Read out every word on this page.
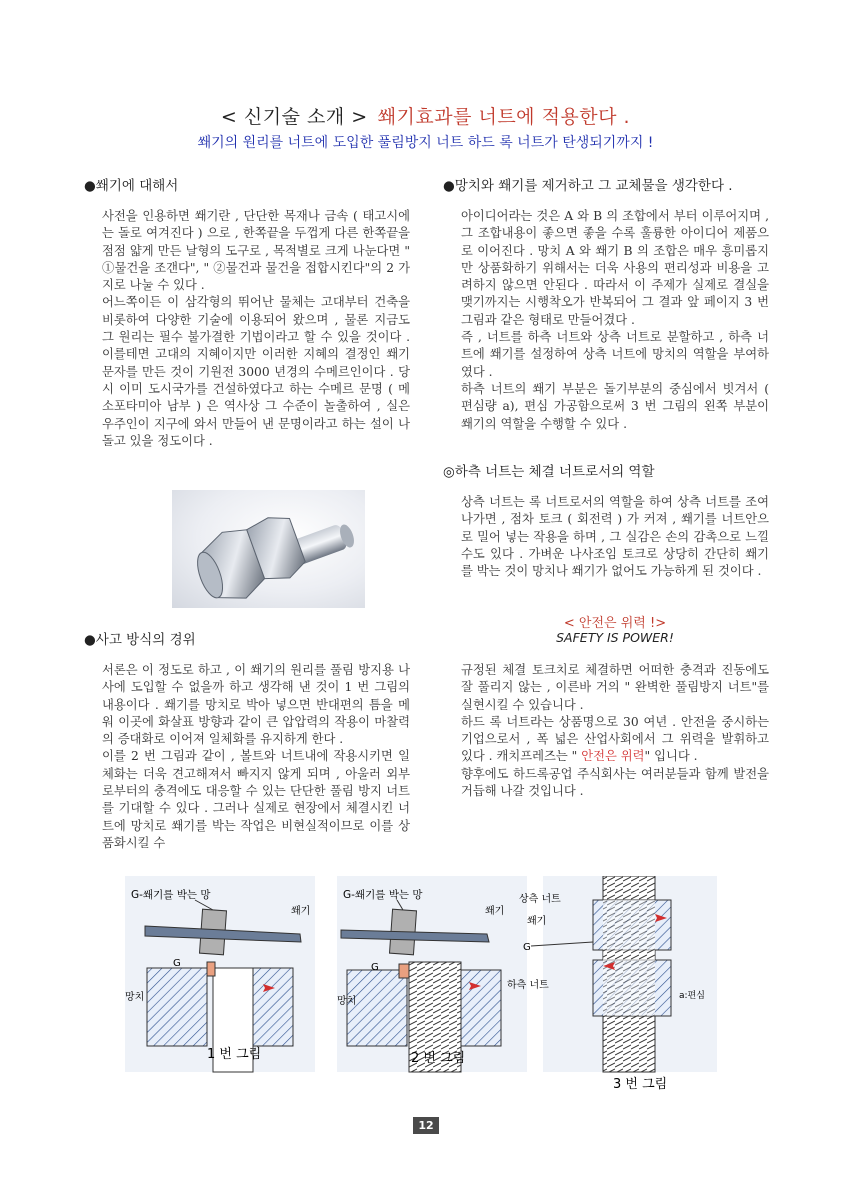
< 신기술 소개 > 쐐기효과를 너트에 적용한다 .
쐐기의 원리를 너트에 도입한 풀림방지 너트 하드 록 너트가 탄생되기까지 !
●쐐기에 대해서
사전을 인용하면 쐐기란 , 단단한 목재나 금속 ( 태고시에는 돌로 여겨진다 ) 으로 , 한쪽끝을 두껍게 다른 한쪽끝을 점점 얇게 만든 날형의 도구로 , 목적별로 크게 나눈다면 " ①물건을 조갠다", " ②물건과 물건을 접합시킨다"의 2 가지로 나눌 수 있다 .
어느쪽이든 이 삼각형의 뛰어난 물체는 고대부터 건축을 비롯하여 다양한 기술에 이용되어 왔으며 , 물론 지금도 그 원리는 필수 불가결한 기법이라고 할 수 있을 것이다 . 이를테면 고대의 지혜이지만 이러한 지혜의 결정인 쐐기 문자를 만든 것이 기원전 3000 년경의 수메르인이다 . 당시 이미 도시국가를 건설하였다고 하는 수메르 문명 ( 메소포타미아 남부 ) 은 역사상 그 수준이 놀출하여 , 실은 우주인이 지구에 와서 만들어 낸 문명이라고 하는 설이 나돌고 있을 정도이다 .
●사고 방식의 경위
서론은 이 정도로 하고 , 이 쐐기의 원리를 풀림 방지용 나사에 도입할 수 없을까 하고 생각해 낸 것이 1 번 그림의 내용이다 . 쐐기를 망치로 박아 넣으면 반대편의 틈을 메워 이곳에 화살표 방향과 같이 큰 압압력의 작용이 마찰력의 증대화로 이어져 일체화를 유지하게 한다 .
이를 2 번 그림과 같이 , 볼트와 너트내에 작용시키면 일체화는 더욱 견고해져서 빠지지 않게 되며 , 아울러 외부로부터의 충격에도 대응할 수 있는 단단한 풀림 방지 너트를 기대할 수 있다 . 그러나 실제로 현장에서 체결시킨 너트에 망치로 쐐기를 박는 작업은 비현실적이므로 이를 상품화시킬 수
●망치와 쐐기를 제거하고 그 교체물을 생각한다 .
아이디어라는 것은 A 와 B 의 조합에서 부터 이루어지며 , 그 조합내용이 좋으면 좋을 수록 훌륭한 아이디어 제품으로 이어진다 . 망치 A 와 쐐기 B 의 조합은 매우 흥미롭지만 상품화하기 위해서는 더욱 사용의 편리성과 비용을 고려하지 않으면 안된다 . 따라서 이 주제가 실제로 결실을 맺기까지는 시행착오가 반복되어 그 결과 앞 페이지 3 번 그림과 같은 형태로 만들어겼다 .
즉 , 너트를 하측 너트와 상측 너트로 분할하고 , 하측 너트에 쐐기를 설정하여 상측 너트에 망치의 역할을 부여하였다 .
하측 너트의 쐐기 부분은 돌기부분의 중심에서 빗겨서 ( 편심량 a), 편심 가공함으로써 3 번 그림의 왼쪽 부분이 쐐기의 역할을 수행할 수 있다 .
◎하측 너트는 체결 너트로서의 역할
상측 너트는 록 너트로서의 역할을 하여 상측 너트를 조여 나가면 , 점차 토크 ( 회전력 ) 가 커져 , 쐐기를 너트안으로 밀어 넣는 작용을 하며 , 그 실감은 손의 감촉으로 느낄 수도 있다 . 가벼운 나사조임 토크로 상당히 간단히 쐐기를 박는 것이 망치나 쐐기가 없어도 가능하게 된 것이다 .
< 안전은 위력 !>
SAFETY IS POWER!
규정된 체결 토크치로 체결하면 어떠한 충격과 진동에도 잘 풀리지 않는 , 이른바 거의 " 완벽한 풀림방지 너트"를 실현시킬 수 있습니다 .
하드 록 너트라는 상품명으로 30 여년 . 안전을 중시하는 기업으로서 , 폭 넓은 산업사회에서 그 위력을 발휘하고 있다 . 캐치프레즈는 " 안전은 위력" 입니다 .
향후에도 하드록공업 주식회사는 여러분들과 함께 발전을 거듭해 나갈 것입니다 .
G-쐐기를 박는 망
쐐기
G
망치
1 번 그림
G-쐐기를 박는 망
쐐기
G
망치
2 번 그림
상측 너트
쐐기
G
하측 너트
a:편심
3 번 그림
12
